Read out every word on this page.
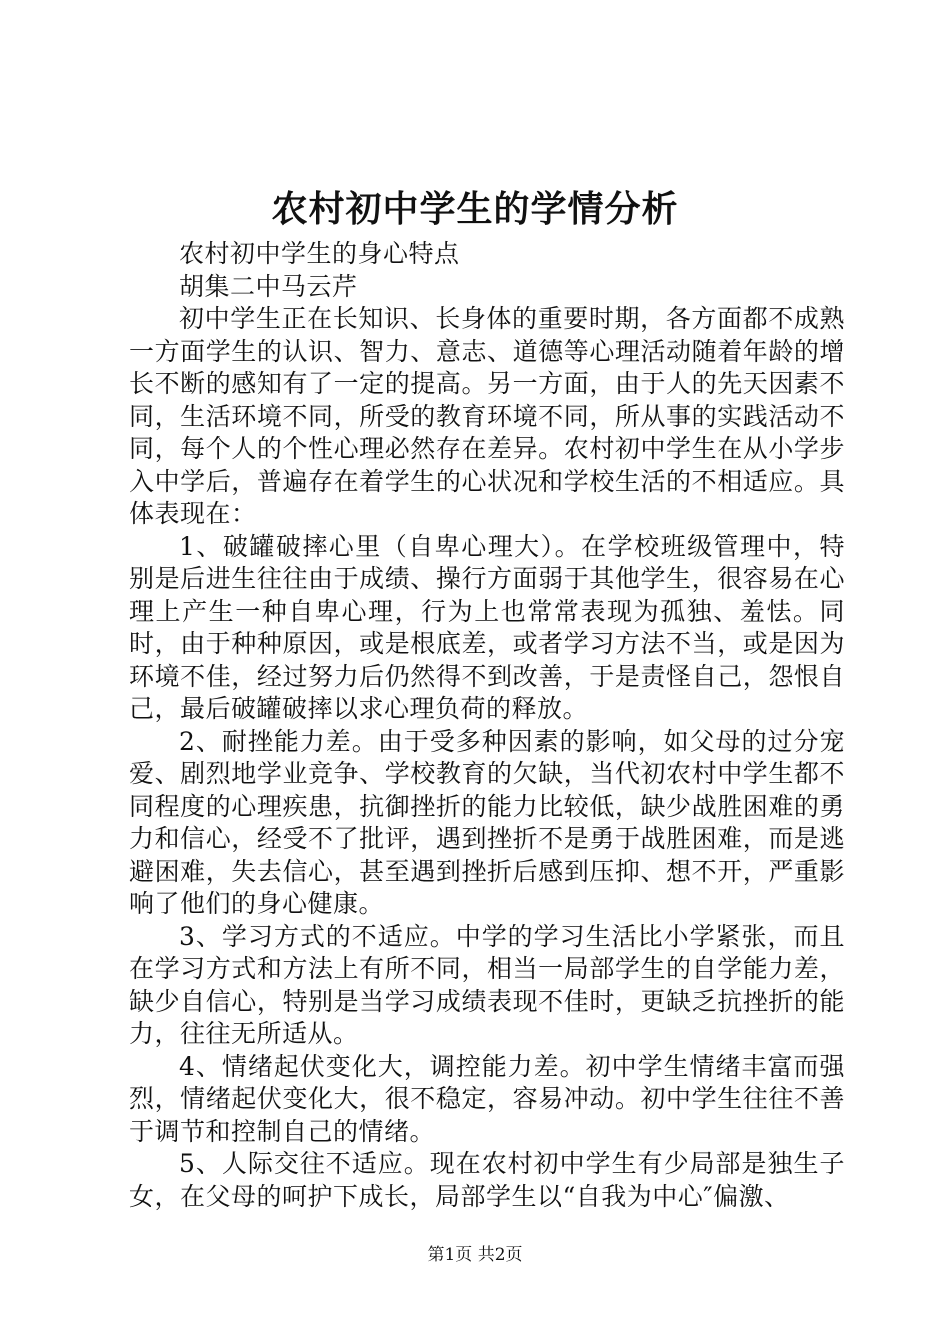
农村初中学生的学情分析

农村初中学生的身心特点

胡集二中马云芹

初中学生正在长知识、长身体的重要时期，各方面都不成熟一方面学生的认识、智力、意志、道德等心理活动随着年龄的增长不断的感知有了一定的提高。另一方面，由于人的先天因素不同，生活环境不同，所受的教育环境不同，所从事的实践活动不同，每个人的个性心理必然存在差异。农村初中学生在从小学步入中学后，普遍存在着学生的心状况和学校生活的不相适应。具体表现在：

1、破罐破摔心里（自卑心理大）。在学校班级管理中，特别是后进生往往由于成绩、操行方面弱于其他学生，很容易在心理上产生一种自卑心理，行为上也常常表现为孤独、羞怯。同时，由于种种原因，或是根底差，或者学习方法不当，或是因为环境不佳，经过努力后仍然得不到改善，于是责怪自己，怨恨自己，最后破罐破摔以求心理负荷的释放。

2、耐挫能力差。由于受多种因素的影响，如父母的过分宠爱、剧烈地学业竞争、学校教育的欠缺，当代初农村中学生都不同程度的心理疾患，抗御挫折的能力比较低，缺少战胜困难的勇力和信心，经受不了批评，遇到挫折不是勇于战胜困难，而是逃避困难，失去信心，甚至遇到挫折后感到压抑、想不开，严重影响了他们的身心健康。

3、学习方式的不适应。中学的学习生活比小学紧张，而且在学习方式和方法上有所不同，相当一局部学生的自学能力差，缺少自信心，特别是当学习成绩表现不佳时，更缺乏抗挫折的能力，往往无所适从。

4、情绪起伏变化大，调控能力差。初中学生情绪丰富而强烈，情绪起伏变化大，很不稳定，容易冲动。初中学生往往不善于调节和控制自己的情绪。

5、人际交往不适应。现在农村初中学生有少局部是独生子女，在父母的呵护下成长，局部学生以“自我为中心″偏激、

第1页 共2页
